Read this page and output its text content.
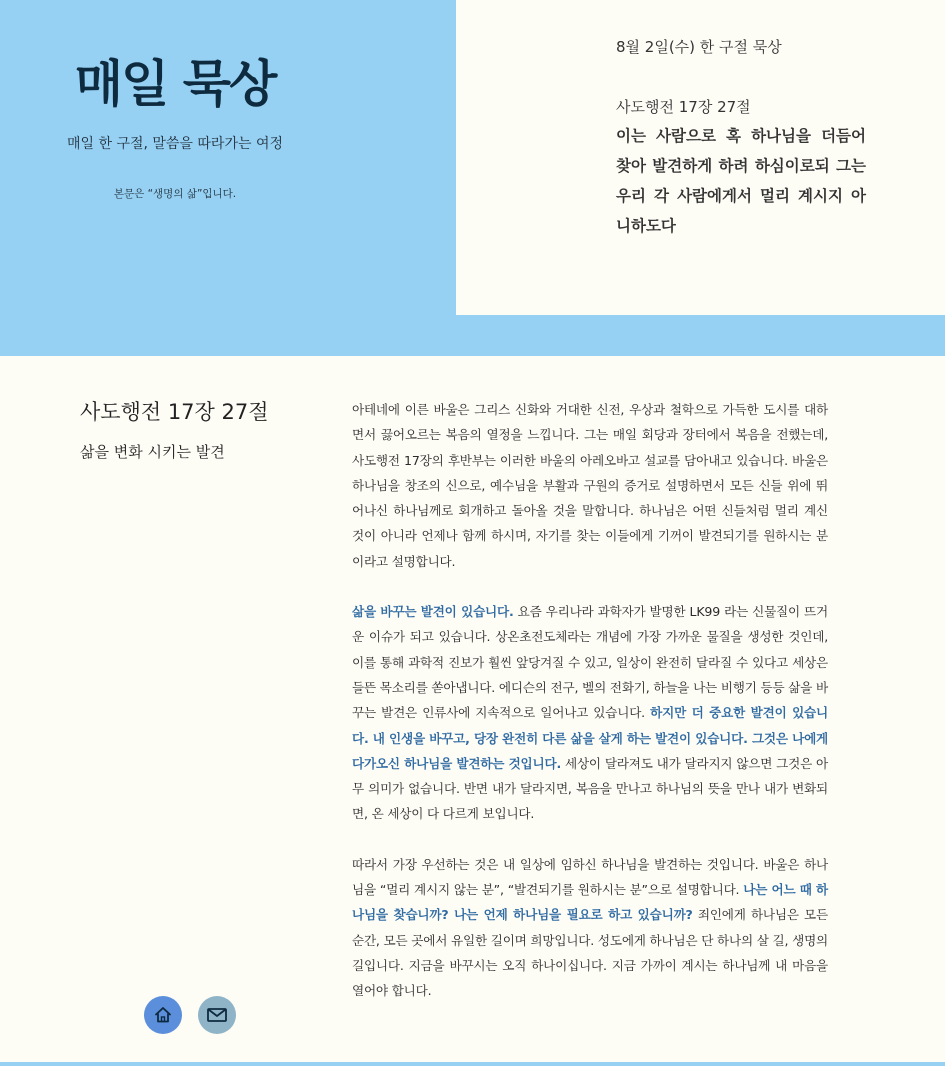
매일 묵상
매일 한 구절, 말씀을 따라가는 여정
본문은 “생명의 삶”입니다.
8월 2일(수) 한 구절 묵상
사도행전 17장 27절
이는 사람으로 혹 하나님을 더듬어 찾아 발견하게 하려 하심이로되 그는 우리 각 사람에게서 멀리 계시지 아니하도다
사도행전 17장 27절
삶을 변화 시키는 발견

아테네에 이른 바울은 그리스 신화와 거대한 신전, 우상과 철학으로 가득한 도시를 대하면서 끓어오르는 복음의 열정을 느낍니다. 그는 매일 회당과 장터에서 복음을 전했는데, 사도행전 17장의 후반부는 이러한 바울의 아레오바고 설교를 담아내고 있습니다. 바울은 하나님을 창조의 신으로, 예수님을 부활과 구원의 증거로 설명하면서 모든 신들 위에 뛰어나신 하나님께로 회개하고 돌아올 것을 말합니다. 하나님은 어떤 신들처럼 멀리 계신 것이 아니라 언제나 함께 하시며, 자기를 찾는 이들에게 기꺼이 발견되기를 원하시는 분이라고 설명합니다.

삶을 바꾸는 발견이 있습니다. 요즘 우리나라 과학자가 발명한 LK99 라는 신물질이 뜨거운 이슈가 되고 있습니다. 상온초전도체라는 개념에 가장 가까운 물질을 생성한 것인데, 이를 통해 과학적 진보가 훨씬 앞당겨질 수 있고, 일상이 완전히 달라질 수 있다고 세상은 들뜬 목소리를 쏟아냅니다. 에디슨의 전구, 벨의 전화기, 하늘을 나는 비행기 등등 삶을 바꾸는 발견은 인류사에 지속적으로 일어나고 있습니다. 하지만 더 중요한 발견이 있습니다. 내 인생을 바꾸고, 당장 완전히 다른 삶을 살게 하는 발견이 있습니다. 그것은 나에게 다가오신 하나님을 발견하는 것입니다. 세상이 달라져도 내가 달라지지 않으면 그것은 아무 의미가 없습니다. 반면 내가 달라지면, 복음을 만나고 하나님의 뜻을 만나 내가 변화되면, 온 세상이 다 다르게 보입니다.

따라서 가장 우선하는 것은 내 일상에 임하신 하나님을 발견하는 것입니다. 바울은 하나님을 “멀리 계시지 않는 분”, “발견되기를 원하시는 분”으로 설명합니다. 나는 어느 때 하나님을 찾습니까? 나는 언제 하나님을 필요로 하고 있습니까? 죄인에게 하나님은 모든 순간, 모든 곳에서 유일한 길이며 희망입니다. 성도에게 하나님은 단 하나의 살 길, 생명의 길입니다. 지금을 바꾸시는 오직 하나이십니다. 지금 가까이 계시는 하나님께 내 마음을 열어야 합니다.
